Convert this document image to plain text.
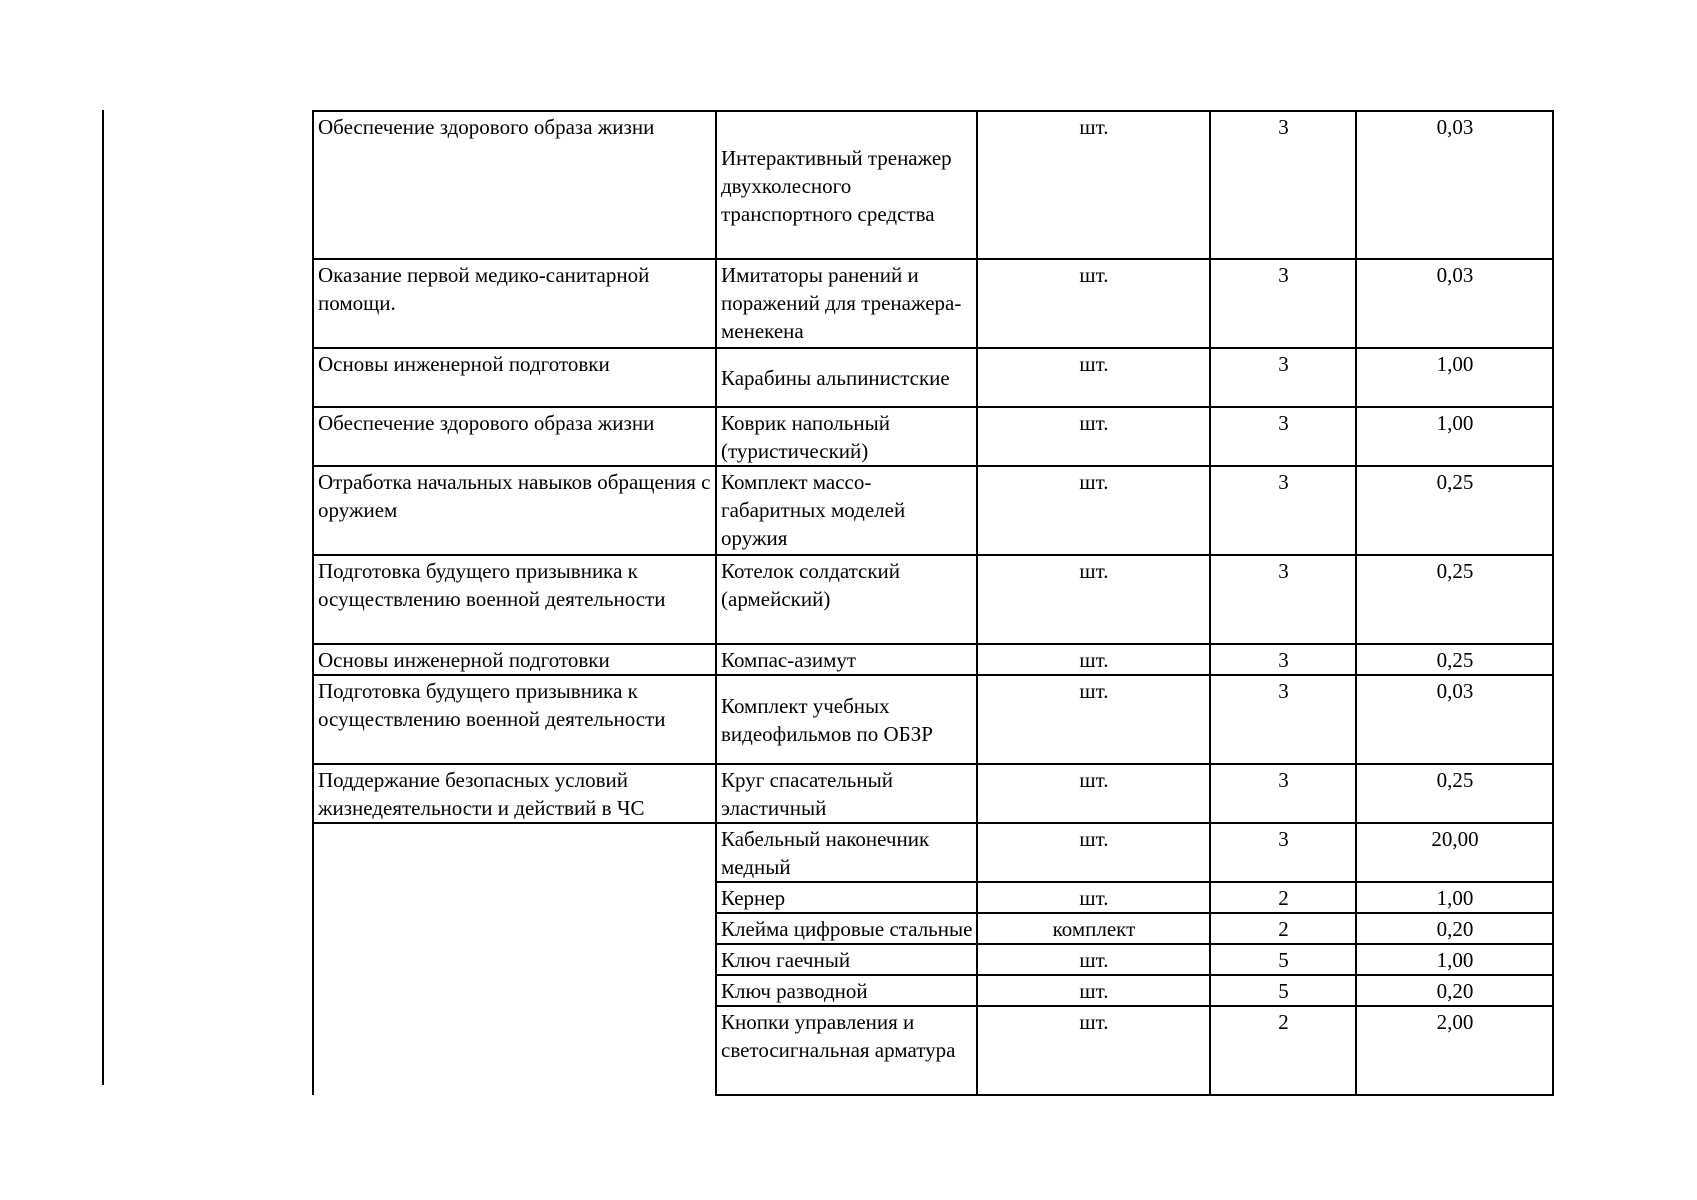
Обеспечение здорового образа жизни	Интерактивный тренажер двухколесного транспортного средства	шт.	3	0,03
Оказание первой медико-санитарной помощи.	Имитаторы ранений и поражений для тренажера-менекена	шт.	3	0,03
Основы инженерной подготовки	Карабины альпинистские	шт.	3	1,00
Обеспечение здорового образа жизни	Коврик напольный (туристический)	шт.	3	1,00
Отработка начальных навыков обращения с оружием	Комплект массо-габаритных моделей оружия	шт.	3	0,25
Подготовка будущего призывника к осуществлению военной деятельности	Котелок солдатский (армейский)	шт.	3	0,25
Основы инженерной подготовки	Компас-азимут	шт.	3	0,25
Подготовка будущего призывника к осуществлению военной деятельности	Комплект учебных видеофильмов по ОБЗР	шт.	3	0,03
Поддержание безопасных условий жизнедеятельности и действий в ЧС	Круг спасательный эластичный	шт.	3	0,25
	Кабельный наконечник медный	шт.	3	20,00
	Кернер	шт.	2	1,00
	Клейма цифровые стальные	комплект	2	0,20
	Ключ гаечный	шт.	5	1,00
	Ключ разводной	шт.	5	0,20
	Кнопки управления и светосигнальная арматура	шт.	2	2,00
